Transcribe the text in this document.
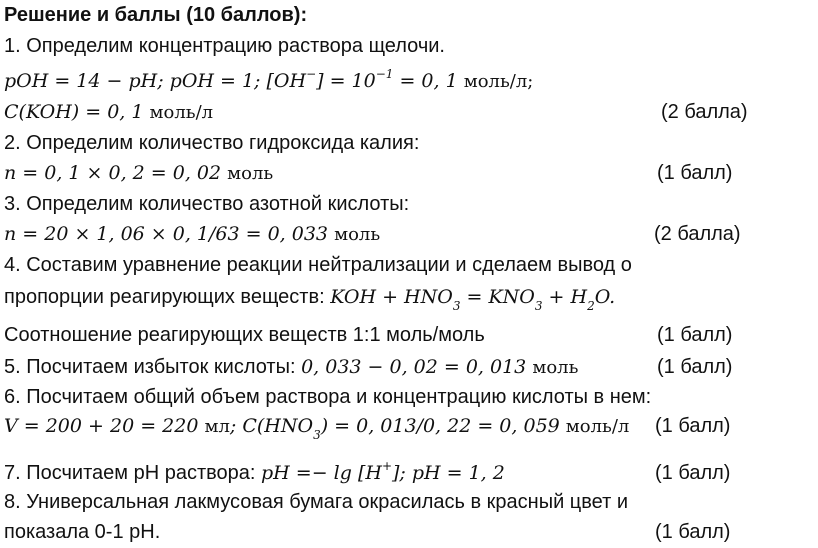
Решение и баллы (10 баллов):
1. Определим концентрацию раствора щелочи.
pOH = 14 − pH; pOH = 1; $[OH^-] = 10^{-1} = 0$, 1 моль/л;
C(KOH) = 0, 1 моль/л	(2 балла)
2. Определим количество гидроксида калия:
n = 0, 1 × 0, 2 = 0, 02 моль	(1 балл)
3. Определим количество азотной кислоты:
n = 20 × 1, 06 × 0, 1/63 = 0, 033 моль	(2 балла)
4. Составим уравнение реакции нейтрализации и сделаем вывод о
пропорции реагирующих веществ: KOH + $HNO_3 = KNO_3 + H_2O$.
Соотношение реагирующих веществ 1:1 моль/моль	(1 балл)
5. Посчитаем избыток кислоты: 0, 033 − 0, 02 = 0, 013 моль	(1 балл)
6. Посчитаем общий объем раствора и концентрацию кислоты в нем:
V = 200 + 20 = 220 мл; $C(HNO_3) = 0$, 013/0, 22 = 0, 059 моль/л (1 балл)
7. Посчитаем pH раствора: pH =− lg [H+]; pH = 1, 2	(1 балл)
8. Универсальная лакмусовая бумага окрасилась в красный цвет и
показала 0-1 pH.	(1 балл)
